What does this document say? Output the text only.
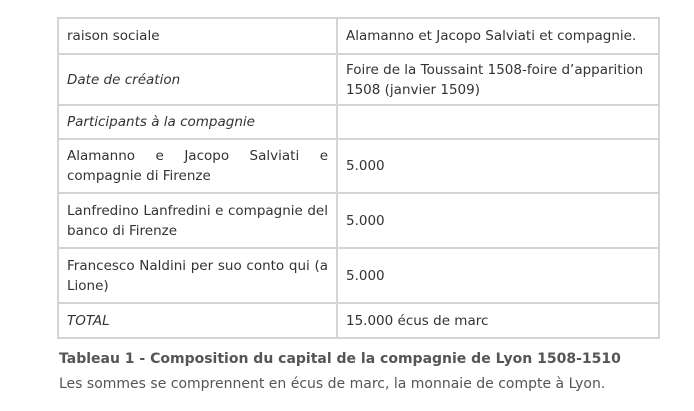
raison sociale	Alamanno et Jacopo Salviati et compagnie.
Date de création	Foire de la Toussaint 1508-foire d’apparition 1508 (janvier 1509)
Participants à la compagnie	
Alamanno e Jacopo Salviati e compagnie di Firenze	5.000
Lanfredino Lanfredini e compagnie del banco di Firenze	5.000
Francesco Naldini per suo conto qui (a Lione)	5.000
TOTAL	15.000 écus de marc
Tableau 1 - Composition du capital de la compagnie de Lyon 1508-1510
Les sommes se comprennent en écus de marc, la monnaie de compte à Lyon.
